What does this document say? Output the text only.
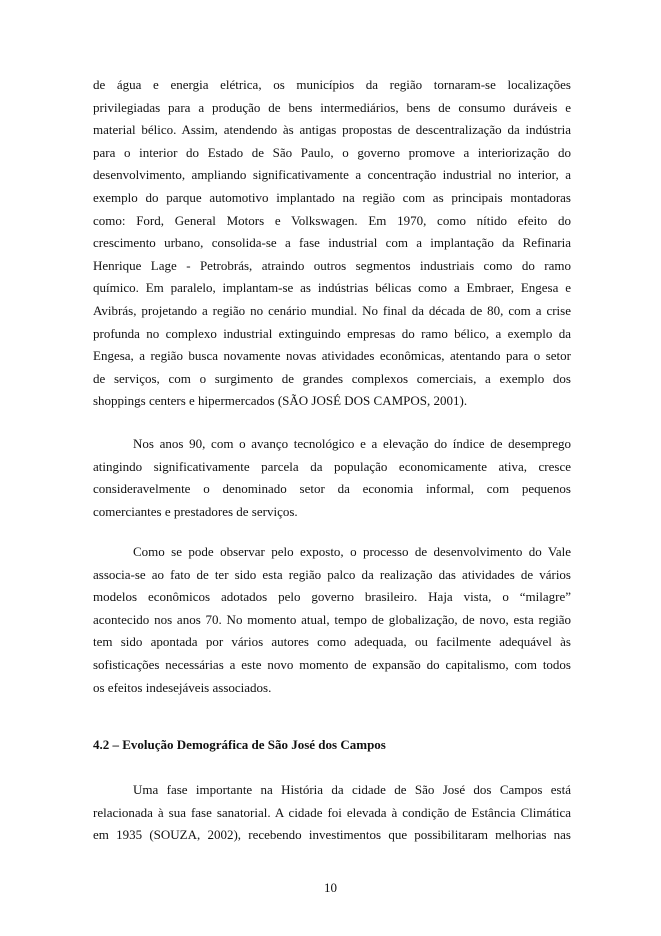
de água e energia elétrica, os municípios da região tornaram-se localizações
privilegiadas para a produção de bens intermediários, bens de consumo duráveis e
material bélico. Assim, atendendo às antigas propostas de descentralização da indústria
para o interior do Estado de São Paulo, o governo promove a interiorização do
desenvolvimento, ampliando significativamente a concentração industrial no interior, a
exemplo do parque automotivo implantado na região com as principais montadoras
como: Ford, General Motors e Volkswagen. Em 1970, como nítido efeito do
crescimento urbano, consolida-se a fase industrial com a implantação da Refinaria
Henrique Lage - Petrobrás, atraindo outros segmentos industriais como do ramo
químico. Em paralelo, implantam-se as indústrias bélicas como a Embraer, Engesa e
Avibrás, projetando a região no cenário mundial. No final da década de 80, com a crise
profunda no complexo industrial extinguindo empresas do ramo bélico, a exemplo da
Engesa, a região busca novamente novas atividades econômicas, atentando para o setor
de serviços, com o surgimento de grandes complexos comerciais, a exemplo dos
shoppings centers e hipermercados (SÃO JOSÉ DOS CAMPOS, 2001).
Nos anos 90, com o avanço tecnológico e a elevação do índice de desemprego
atingindo significativamente parcela da população economicamente ativa, cresce
consideravelmente o denominado setor da economia informal, com pequenos
comerciantes e prestadores de serviços.
Como se pode observar pelo exposto, o processo de desenvolvimento do Vale
associa-se ao fato de ter sido esta região palco da realização das atividades de vários
modelos econômicos adotados pelo governo brasileiro. Haja vista, o “milagre”
acontecido nos anos 70. No momento atual, tempo de globalização, de novo, esta região
tem sido apontada por vários autores como adequada, ou facilmente adequável às
sofisticações necessárias a este novo momento de expansão do capitalismo, com todos
os efeitos indesejáveis associados.
4.2 – Evolução Demográfica de São José dos Campos
Uma fase importante na História da cidade de São José dos Campos está
relacionada à sua fase sanatorial. A cidade foi elevada à condição de Estância Climática
em 1935 (SOUZA, 2002), recebendo investimentos que possibilitaram melhorias nas
10
